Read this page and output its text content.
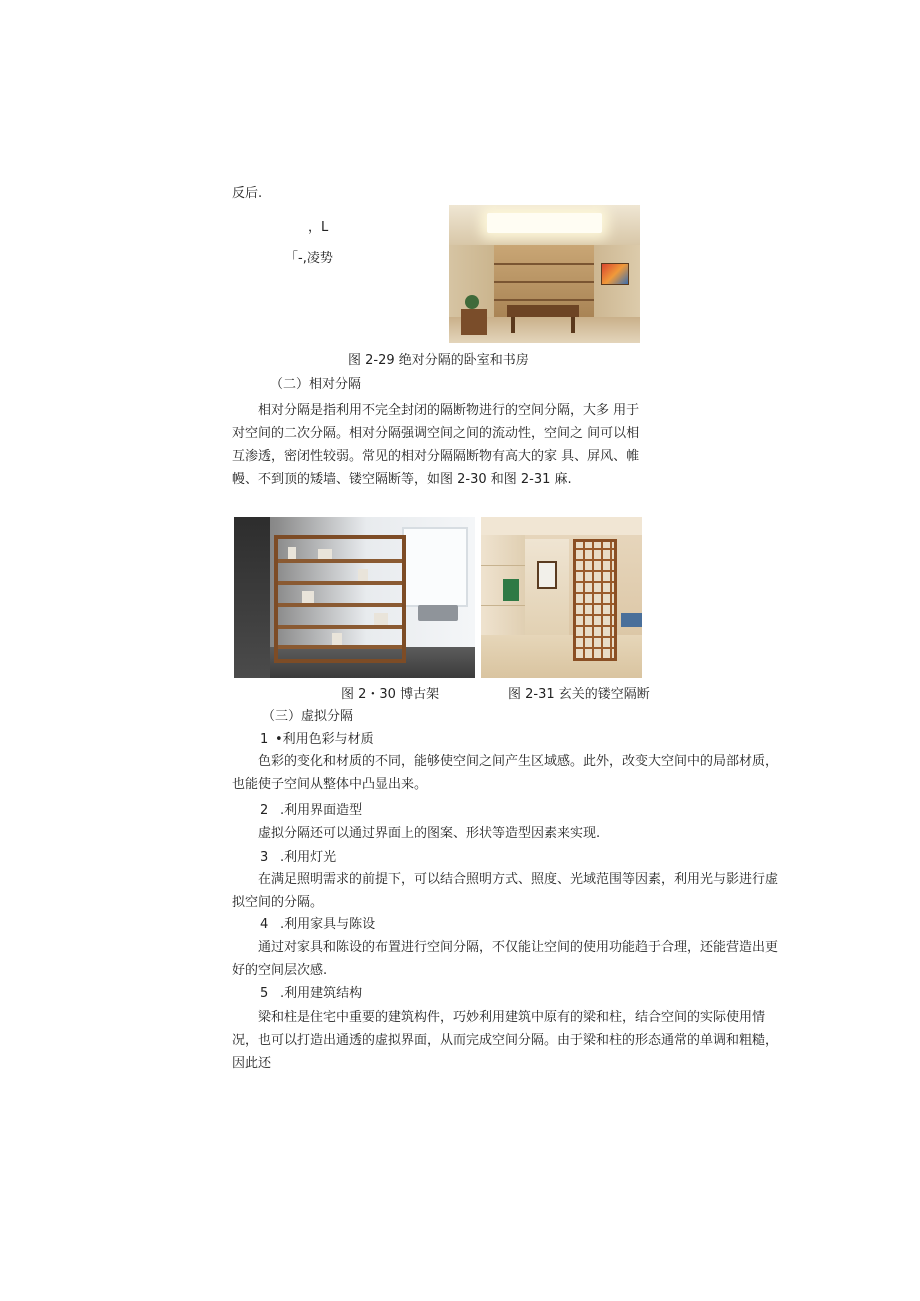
反后.
，L
「-,凌势
图 2-29 绝对分隔的卧室和书房
（二）相对分隔
相对分隔是指利用不完全封闭的隔断物进行的空间分隔，大多 用于
对空间的二次分隔。相对分隔强调空间之间的流动性，空间之 间可以相
互渗透，密闭性较弱。常见的相对分隔隔断物有高大的家 具、屏风、帷
幔、不到顶的矮墙、镂空隔断等，如图 2-30 和图 2-31 麻.
图 2・30 博古架	图 2-31 玄关的镂空隔断
（三）虚拟分隔
1 •利用色彩与材质
色彩的变化和材质的不同，能够使空间之间产生区域感。此外，改变大空间中的局部材质，
也能使子空间从整体中凸显出来。
2 .利用界面造型
虚拟分隔还可以通过界面上的图案、形状等造型因素来实现.
3 .利用灯光
在满足照明需求的前提下，可以结合照明方式、照度、光域范围等因素，利用光与影进行虚
拟空间的分隔。
4 .利用家具与陈设
通过对家具和陈设的布置进行空间分隔，不仅能让空间的使用功能趋于合理，还能营造出更
好的空间层次感.
5 .利用建筑结构
梁和柱是住宅中重要的建筑构件，巧妙利用建筑中原有的梁和柱，结合空间的实际使用情
况，也可以打造出通透的虚拟界面，从而完成空间分隔。由于梁和柱的形态通常的单调和粗糙，
因此还
